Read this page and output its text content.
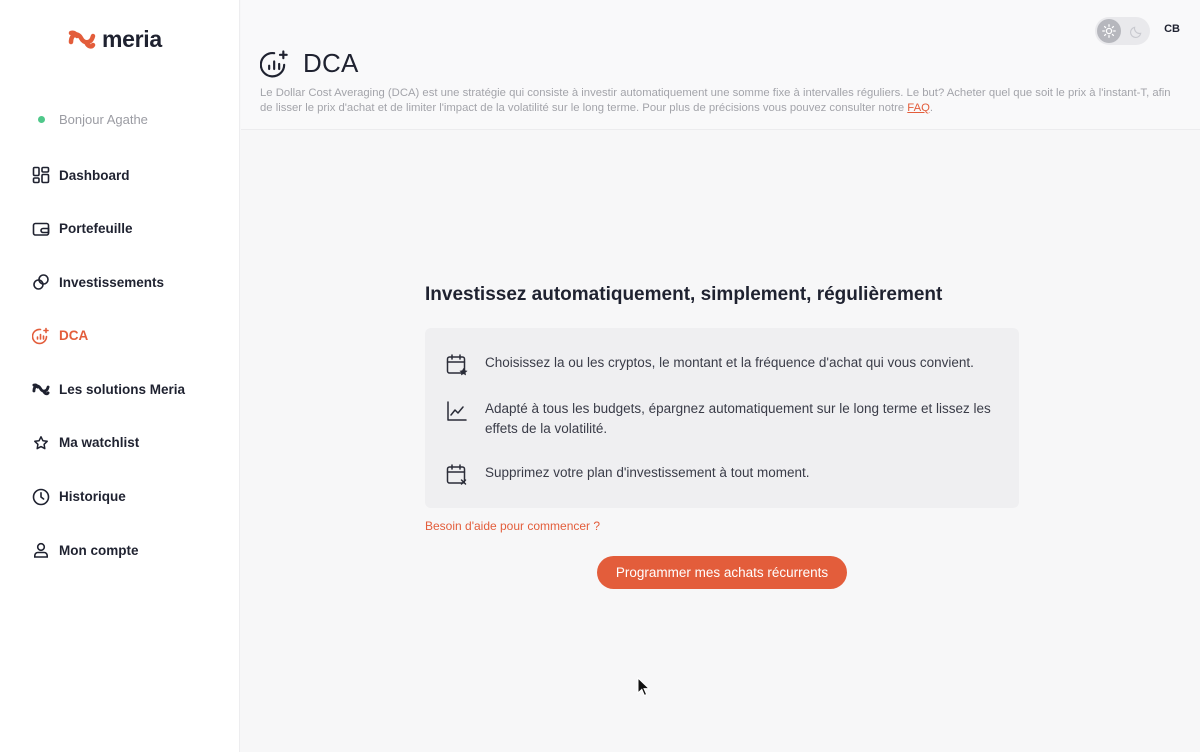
meria
Bonjour Agathe
Dashboard
Portefeuille
Investissements
DCA
Les solutions Meria
Ma watchlist
Historique
Mon compte
DCA

Le Dollar Cost Averaging (DCA) est une stratégie qui consiste à investir automatiquement une somme fixe à intervalles réguliers. Le but? Acheter quel que soit le prix à l'instant-T, afin de lisser le prix d'achat et de limiter l'impact de la volatilité sur le long terme. Pour plus de précisions vous pouvez consulter notre FAQ.

CB
Investissez automatiquement, simplement, régulièrement
Choisissez la ou les cryptos, le montant et la fréquence d'achat qui vous convient.
Adapté à tous les budgets, épargnez automatiquement sur le long terme et lissez les effets de la volatilité.
Supprimez votre plan d'investissement à tout moment.
Besoin d'aide pour commencer ?
Programmer mes achats récurrents
